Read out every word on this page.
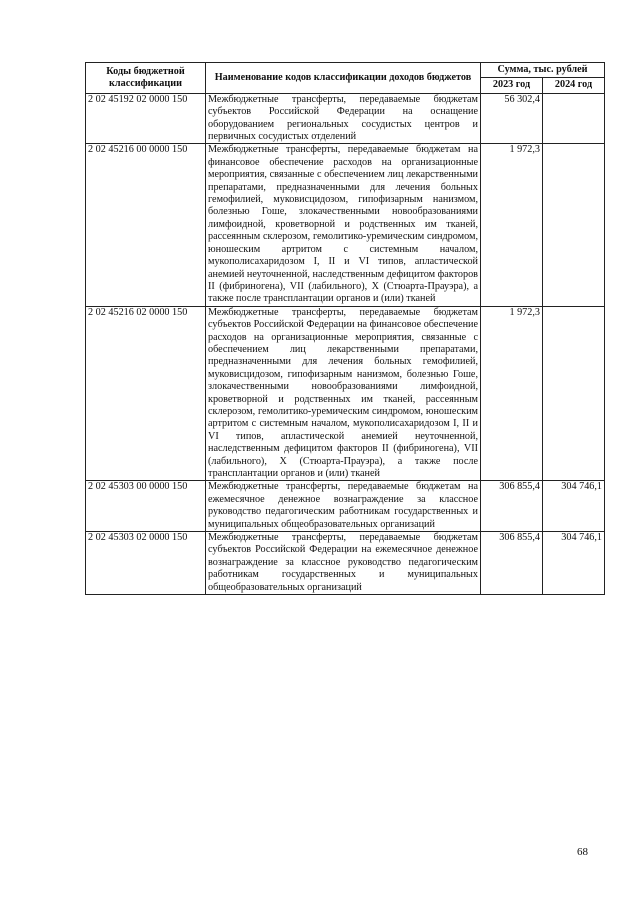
Коды бюджетной классификации	Наименование кодов классификации доходов бюджетов	Сумма, тыс. рублей	
		2023 год	2024 год
2 02 45192 02 0000 150	Межбюджетные трансферты, передаваемые бюджетам субъектов Российской Федерации на оснащение оборудованием региональных сосудистых центров и первичных сосудистых отделений	56 302,4	
2 02 45216 00 0000 150	Межбюджетные трансферты, передаваемые бюджетам на финансовое обеспечение расходов на организационные мероприятия, связанные с обеспечением лиц лекарственными препаратами, предназначенными для лечения больных гемофилией, муковисцидозом, гипофизарным нанизмом, болезнью Гоше, злокачественными новообразованиями лимфоидной, кроветворной и родственных им тканей, рассеянным склерозом, гемолитико-уремическим синдромом, юношеским артритом с системным началом, мукополисахаридозом I, II и VI типов, апластической анемией неуточненной, наследственным дефицитом факторов II (фибриногена), VII (лабильного), X (Стюарта-Прауэра), а также после трансплантации органов и (или) тканей	1 972,3	
2 02 45216 02 0000 150	Межбюджетные трансферты, передаваемые бюджетам субъектов Российской Федерации на финансовое обеспечение расходов на организационные мероприятия, связанные с обеспечением лиц лекарственными препаратами, предназначенными для лечения больных гемофилией, муковисцидозом, гипофизарным нанизмом, болезнью Гоше, злокачественными новообразованиями лимфоидной, кроветворной и родственных им тканей, рассеянным склерозом, гемолитико-уремическим синдромом, юношеским артритом с системным началом, мукополисахаридозом I, II и VI типов, апластической анемией неуточненной, наследственным дефицитом факторов II (фибриногена), VII (лабильного), X (Стюарта-Прауэра), а также после трансплантации органов и (или) тканей	1 972,3	
2 02 45303 00 0000 150	Межбюджетные трансферты, передаваемые бюджетам на ежемесячное денежное вознаграждение за классное руководство педагогическим работникам государственных и муниципальных общеобразовательных организаций	306 855,4	304 746,1
2 02 45303 02 0000 150	Межбюджетные трансферты, передаваемые бюджетам субъектов Российской Федерации на ежемесячное денежное вознаграждение за классное руководство педагогическим работникам государственных и муниципальных общеобразовательных организаций	306 855,4	304 746,1
68
